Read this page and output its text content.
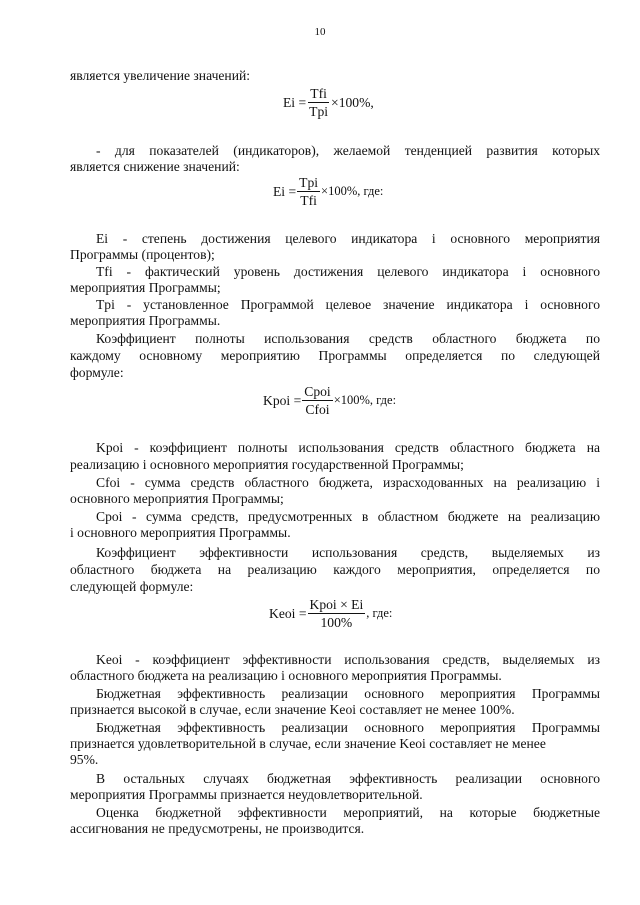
10
является увеличение значений:
$Ei = \frac{\text{Tfi}}{\text{Tpi}} \times 100\%$,
- для показателей (индикаторов), желаемой тенденцией развития которых
является снижение значений:
$Ei = \frac{\text{Tpi}}{\text{Tfi}} \times 100\%$, где:
Ei - степень достижения целевого индикатора i основного мероприятия
Программы (процентов);
Tfi - фактический уровень достижения целевого индикатора i основного
мероприятия Программы;
Tpi - установленное Программой целевое значение индикатора i основного
мероприятия Программы.
Коэффициент полноты использования средств областного бюджета по
каждому основному мероприятию Программы определяется по следующей
формуле:
Kpoi = $\frac{\text{Cpoi}}{\text{Cfoi}} \times 100\%$, где:
Kpoi - коэффициент полноты использования средств областного бюджета на
реализацию i основного мероприятия государственной Программы;
Cfoi - сумма средств областного бюджета, израсходованных на реализацию i
основного мероприятия Программы;
Cpoi - сумма средств, предусмотренных в областном бюджете на реализацию
i основного мероприятия Программы.
Коэффициент эффективности использования средств, выделяемых из
областного бюджета на реализацию каждого мероприятия, определяется по
следующей формуле:
Keoi = $\frac{\text{Kpoi × Ei}}{100\%}$ , где:
Keoi - коэффициент эффективности использования средств, выделяемых из
областного бюджета на реализацию i основного мероприятия Программы.
Бюджетная эффективность реализации основного мероприятия Программы
признается высокой в случае, если значение Keoi составляет не менее 100%.
Бюджетная эффективность реализации основного мероприятия Программы
признается удовлетворительной в случае, если значение Keoi составляет не менее
95%.
В остальных случаях бюджетная эффективность реализации основного
мероприятия Программы признается неудовлетворительной.
Оценка бюджетной эффективности мероприятий, на которые бюджетные
ассигнования не предусмотрены, не производится.
